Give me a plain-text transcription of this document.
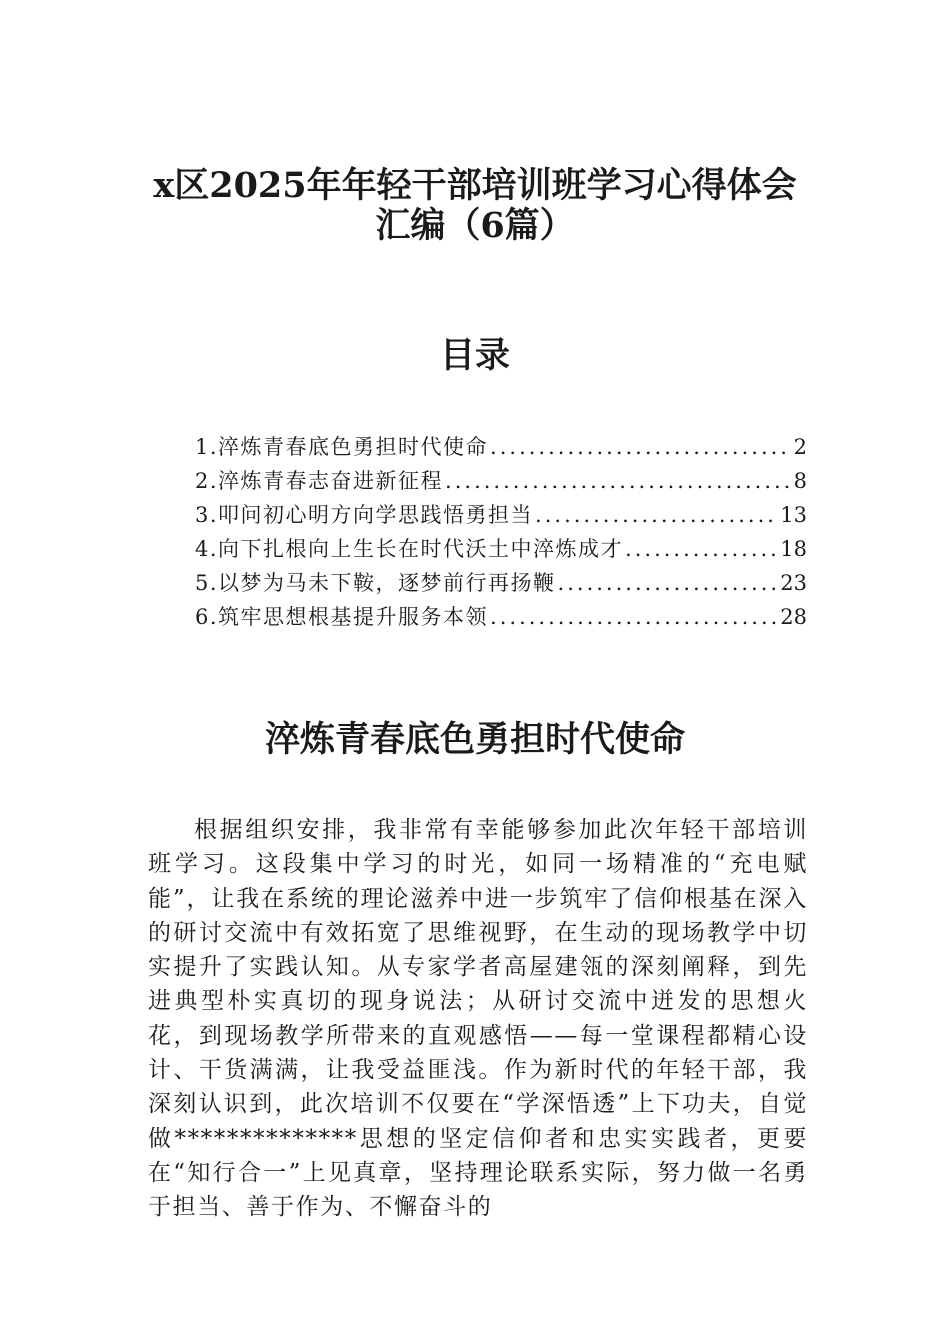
x区2025年年轻干部培训班学习心得体会
汇编（6篇）
目录
1.淬炼青春底色勇担时代使命 .....	2
2.淬炼青春志奋进新征程 .....	8
3.叩问初心明方向学思践悟勇担当 .....	13
4.向下扎根向上生长在时代沃土中淬炼成才 .....	18
5.以梦为马未下鞍，逐梦前行再扬鞭 .....	23
6.筑牢思想根基提升服务本领 .....	28
淬炼青春底色勇担时代使命

根据组织安排，我非常有幸能够参加此次年轻干部培训班学习。这段集中学习的时光，如同一场精准的“充电赋能”，让我在系统的理论滋养中进一步筑牢了信仰根基在深入的研讨交流中有效拓宽了思维视野，在生动的现场教学中切实提升了实践认知。从专家学者高屋建瓴的深刻阐释，到先进典型朴实真切的现身说法；从研讨交流中迸发的思想火花，到现场教学所带来的直观感悟——每一堂课程都精心设计、干货满满，让我受益匪浅。作为新时代的年轻干部，我深刻认识到，此次培训不仅要在“学深悟透”上下功夫，自觉做**************思想的坚定信仰者和忠实实践者，更要在“知行合一”上见真章，坚持理论联系实际，努力做一名勇于担当、善于作为、不懈奋斗的
